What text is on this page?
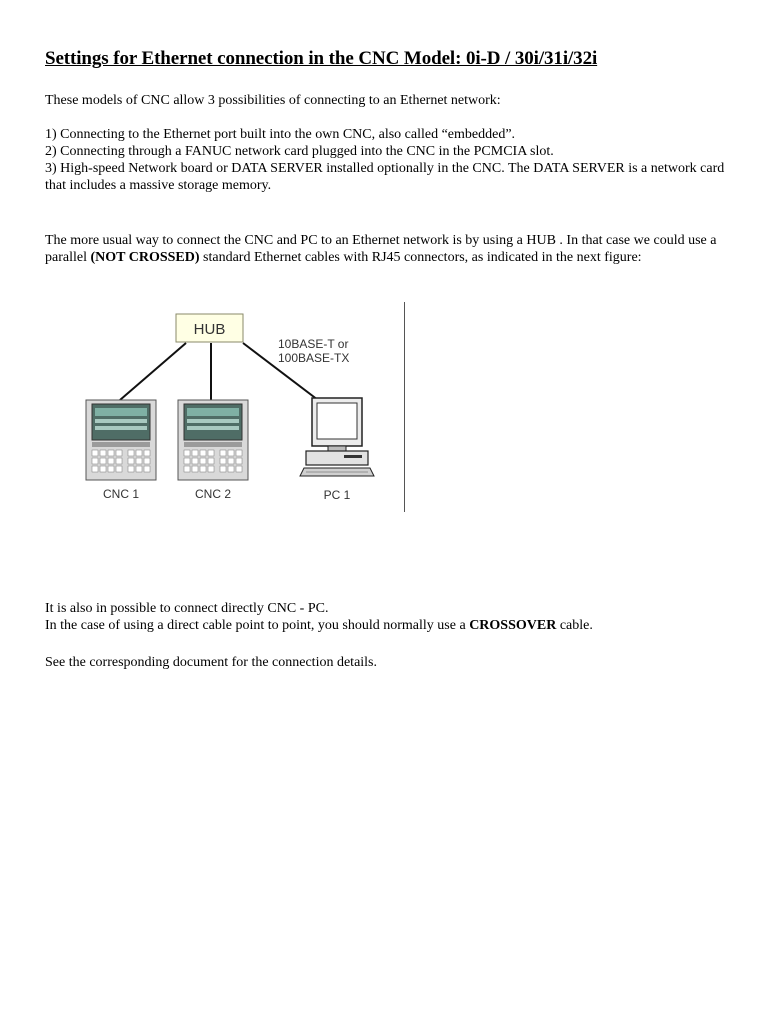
Settings for Ethernet connection in the CNC Model: 0i-D / 30i/31i/32i

These models of CNC allow 3 possibilities of connecting to an Ethernet network:

1) Connecting to the Ethernet port built into the own CNC, also called “embedded”.

2) Connecting through a FANUC network card plugged into the CNC in the PCMCIA slot.

3) High-speed Network board or DATA SERVER installed optionally in the CNC. The DATA SERVER is a network card that includes a massive storage memory.

The more usual way to connect the CNC and PC to an Ethernet network is by using a HUB . In that case we could use a parallel (NOT CROSSED) standard Ethernet cables with RJ45 connectors, as indicated in the next figure:

It is also in possible to connect directly CNC - PC.

In the case of using a direct cable point to point, you should normally use a CROSSOVER cable.

See the corresponding document for the connection details.

HUB
10BASE-T or
100BASE-TX
CNC 1	CNC 2	PC 1
